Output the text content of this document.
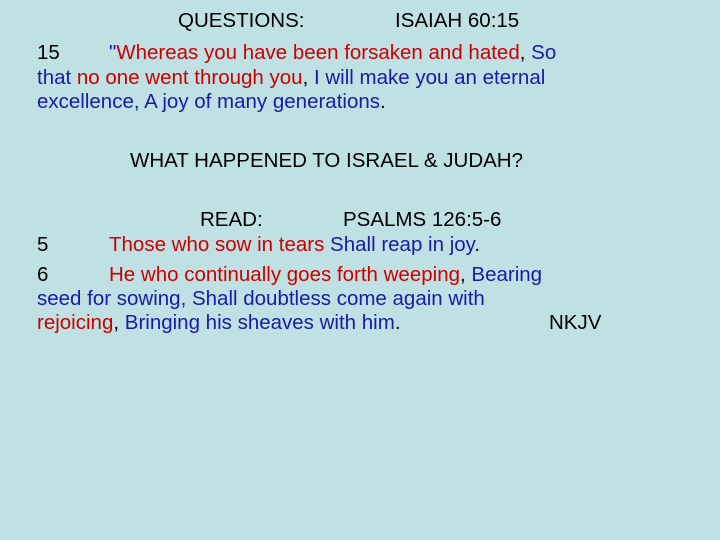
QUESTIONS:	ISAIAH 60:15
15 "Whereas you have been forsaken and hated, So
that no one went through you, I will make you an eternal
excellence, A joy of many generations.
WHAT HAPPENED TO ISRAEL & JUDAH?
READ:	PSALMS 126:5-6
5	Those who sow in tears Shall reap in joy.
6	He who continually goes forth weeping, Bearing
seed for sowing, Shall doubtless come again with
rejoicing, Bringing his sheaves with him.	NKJV
